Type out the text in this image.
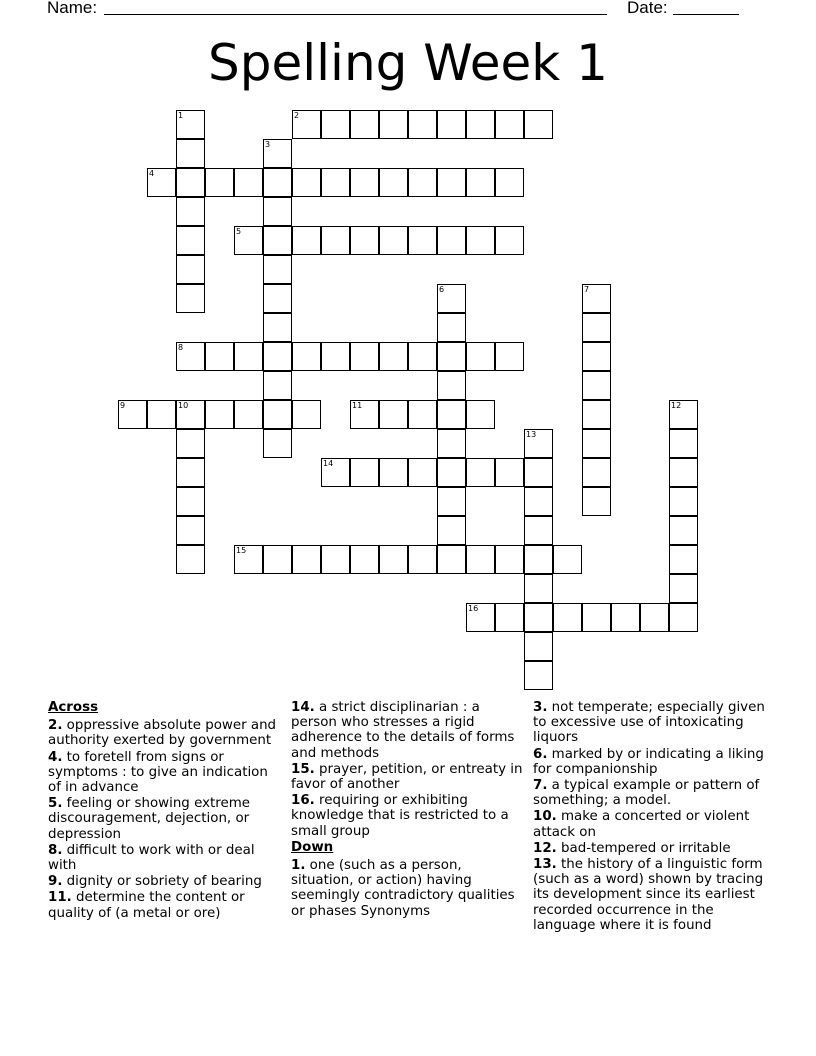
Name:	Date:
Spelling Week 1
2
4
5
8
9	11
14
15
16
1
3
6	7
10	12
13
Across
2. oppressive absolute power and authority exerted by government
4. to foretell from signs or symptoms : to give an indication of in advance
5. feeling or showing extreme discouragement, dejection, or depression
8. difficult to work with or deal with
9. dignity or sobriety of bearing
11. determine the content or quality of (a metal or ore)
14. a strict disciplinarian : a person who stresses a rigid adherence to the details of forms and methods
15. prayer, petition, or entreaty in favor of another
16. requiring or exhibiting knowledge that is restricted to a small group
Down
1. one (such as a person, situation, or action) having seemingly contradictory qualities or phases Synonyms
3. not temperate; especially given to excessive use of intoxicating liquors
6. marked by or indicating a liking for companionship
7. a typical example or pattern of something; a model.
10. make a concerted or violent attack on
12. bad-tempered or irritable
13. the history of a linguistic form (such as a word) shown by tracing its development since its earliest recorded occurrence in the language where it is found
